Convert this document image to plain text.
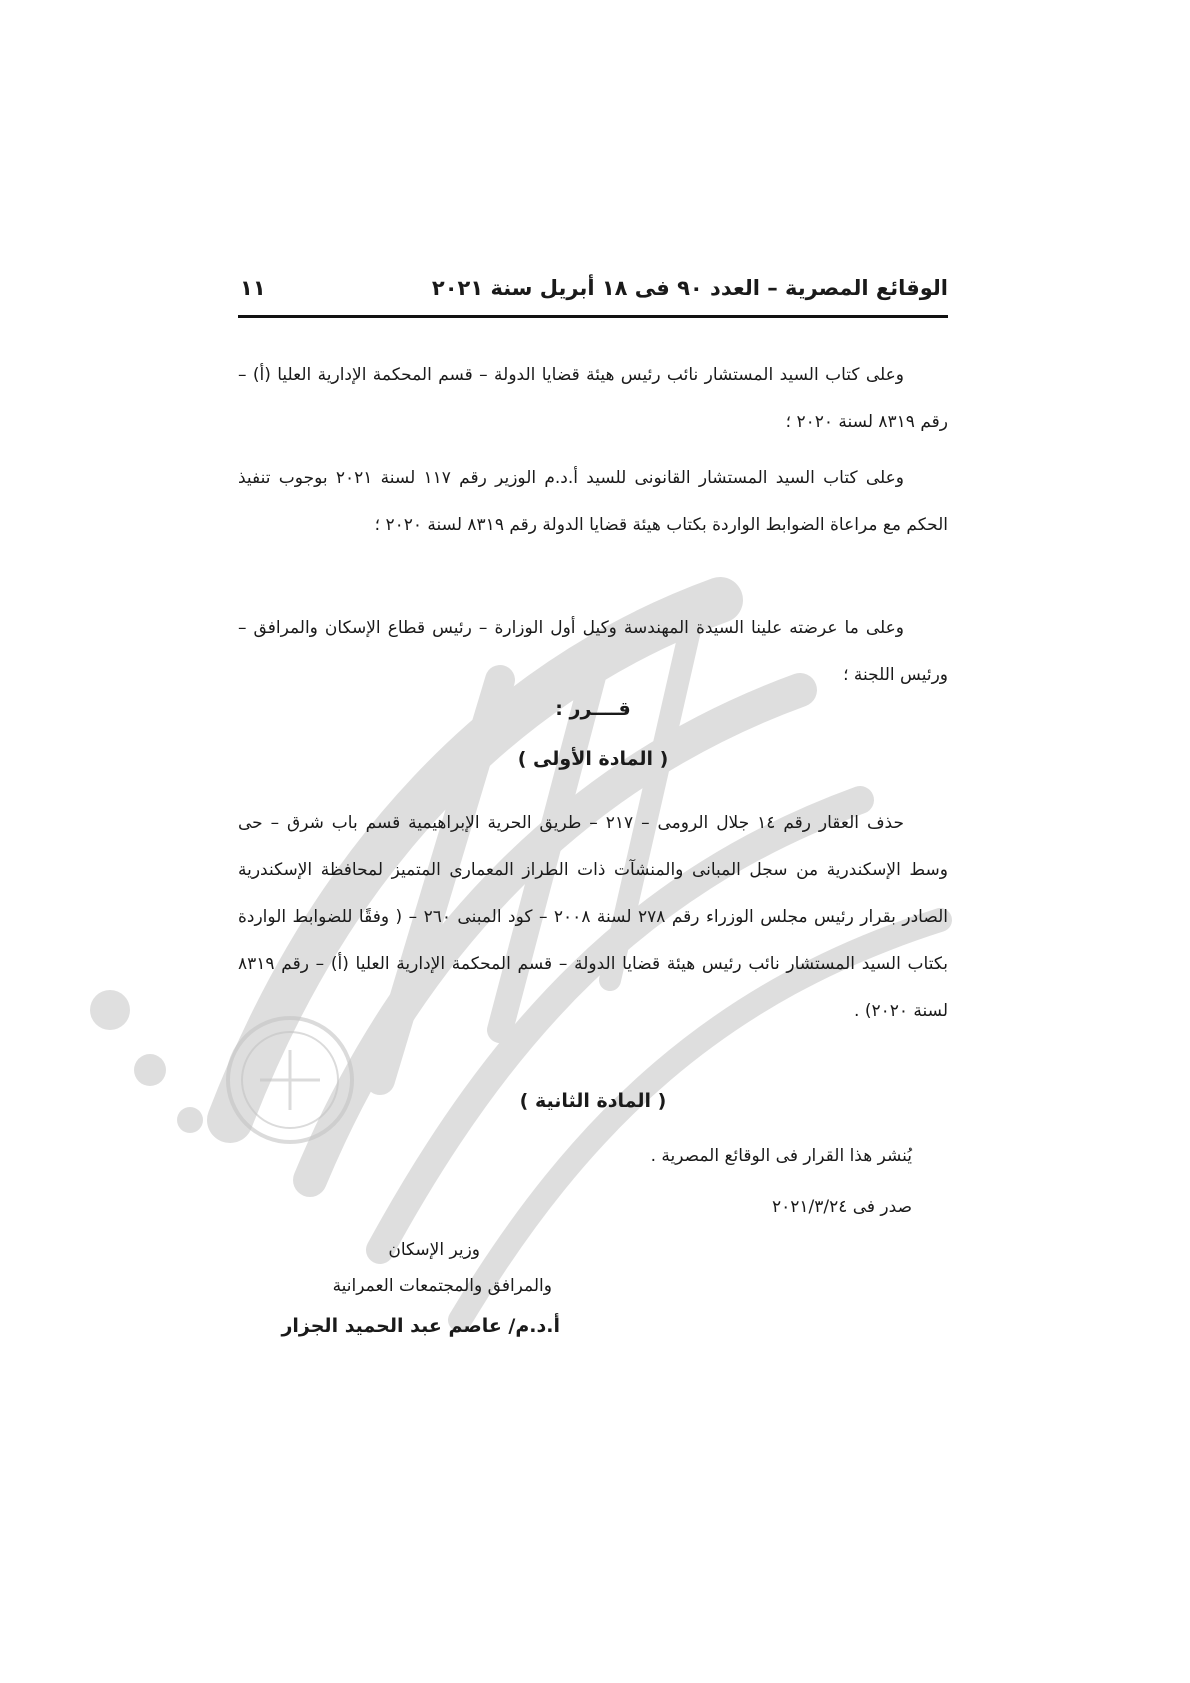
الوقائع المصرية – العدد ٩٠ فى ١٨ أبريل سنة ٢٠٢١
١١
وعلى كتاب السيد المستشار نائب رئيس هيئة قضايا الدولة – قسم المحكمة الإدارية العليا (أ) – رقم ٨٣١٩ لسنة ٢٠٢٠ ؛
وعلى كتاب السيد المستشار القانونى للسيد أ.د.م الوزير رقم ١١٧ لسنة ٢٠٢١ بوجوب تنفيذ الحكم مع مراعاة الضوابط الواردة بكتاب هيئة قضايا الدولة رقم ٨٣١٩ لسنة ٢٠٢٠ ؛
وعلى ما عرضته علينا السيدة المهندسة وكيل أول الوزارة – رئيس قطاع الإسكان والمرافق – ورئيس اللجنة ؛
قــــرر :
( المادة الأولى )
حذف العقار رقم ١٤ جلال الرومى – ٢١٧ – طريق الحرية الإبراهيمية قسم باب شرق – حى وسط الإسكندرية من سجل المبانى والمنشآت ذات الطراز المعمارى المتميز لمحافظة الإسكندرية الصادر بقرار رئيس مجلس الوزراء رقم ٢٧٨ لسنة ٢٠٠٨ – كود المبنى ٢٦٠ – ( وفقًا للضوابط الواردة بكتاب السيد المستشار نائب رئيس هيئة قضايا الدولة – قسم المحكمة الإدارية العليا (أ) – رقم ٨٣١٩ لسنة ٢٠٢٠) .
( المادة الثانية )
يُنشر هذا القرار فى الوقائع المصرية .
صدر فى ٢٠٢١/٣/٢٤
وزير الإسكان
والمرافق والمجتمعات العمرانية
أ.د.م/ عاصم عبد الحميد الجزار
